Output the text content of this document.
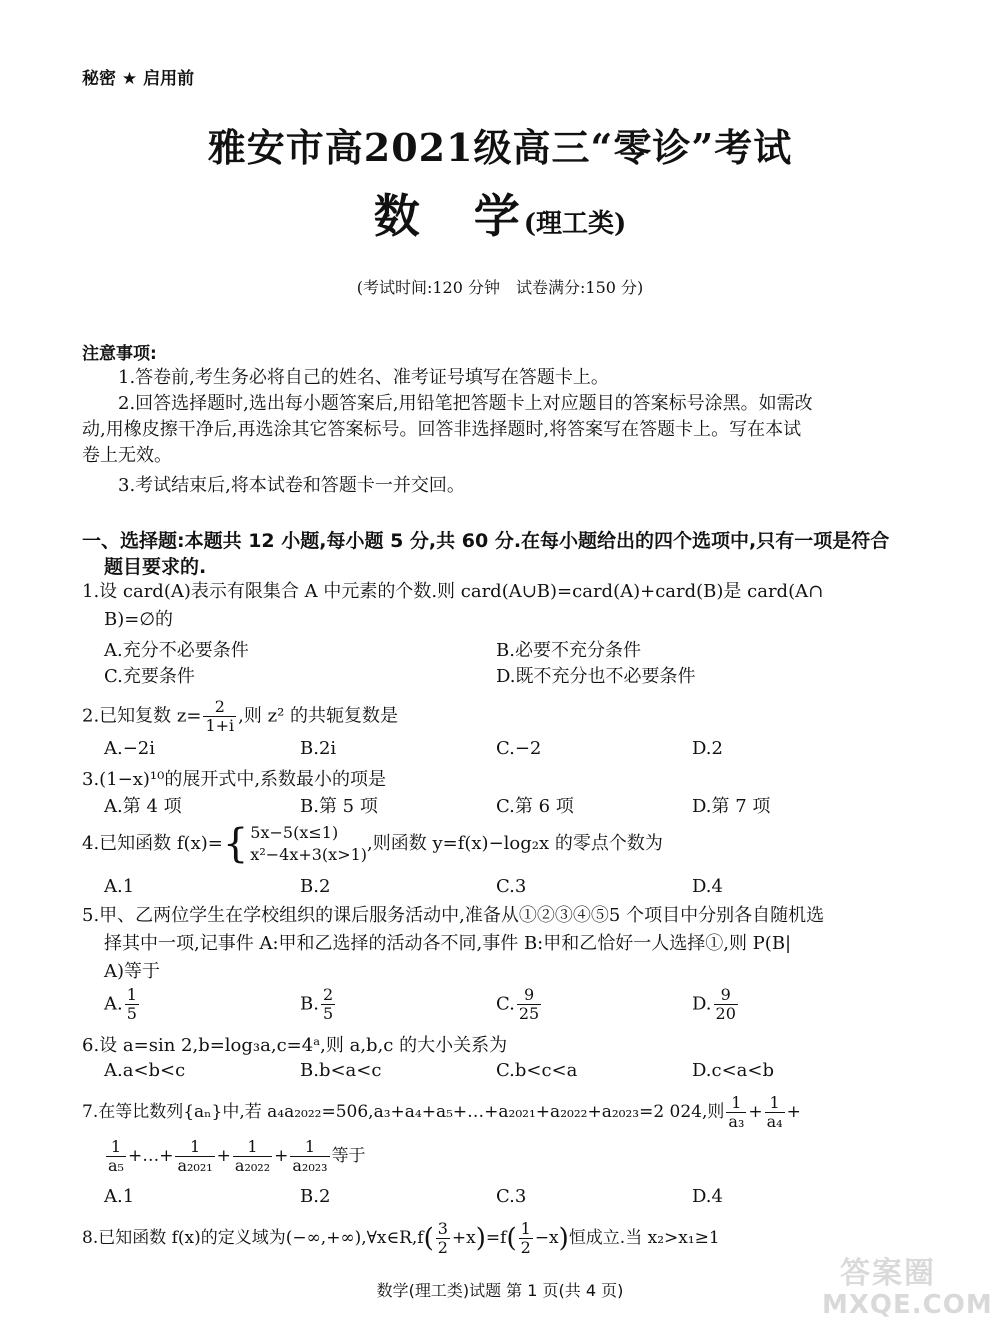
秘密 ★ 启用前
雅安市高2021级高三“零诊”考试
数　学(理工类)
(考试时间:120 分钟　试卷满分:150 分)
注意事项:
1.答卷前,考生务必将自己的姓名、准考证号填写在答题卡上。
2.回答选择题时,选出每小题答案后,用铅笔把答题卡上对应题目的答案标号涂黑。如需改
动,用橡皮擦干净后,再选涂其它答案标号。回答非选择题时,将答案写在答题卡上。写在本试
卷上无效。
3.考试结束后,将本试卷和答题卡一并交回。
一、选择题:本题共 12 小题,每小题 5 分,共 60 分.在每小题给出的四个选项中,只有一项是符合
题目要求的.
1.设 card(A)表示有限集合 A 中元素的个数.则 card(A∪B)=card(A)+card(B)是 card(A∩
B)=∅的
A.充分不必要条件	B.必要不充分条件
C.充要条件	D.既不充分也不必要条件
2.已知复数 $z= \frac{2}{1+i}$ ,则 z² 的共轭复数是
A.−2i	B.2i	C.−2	D.2
3.(1−x)¹⁰的展开式中,系数最小的项是
A.第 4 项	B.第 5 项	C.第 6 项	D.第 7 项
4.已知函数 f(x)={ 5x−5(x≤1)
x²−4x+3(x>1)
,则函数 y=f(x)−log₂x 的零点个数为
A.1	B.2	C.3	D.4
5.甲、乙两位学生在学校组织的课后服务活动中,准备从①②③④⑤5 个项目中分别各自随机选
择其中一项,记事件 A:甲和乙选择的活动各不同,事件 B:甲和乙恰好一人选择①,则 P(B|
A)等于
A. $\frac{1}{5}$	B. $\frac{2}{5}$	C. $\frac{9}{25}$	D. $\frac{9}{20}$
6.设 a=sin 2,b=log₃a,c=4ᵃ,则 a,b,c 的大小关系为
A.a<b<c	B.b<a<c	C.b<c<a	D.c<a<b
7.在等比数列{aₙ}中,若 a₄a₂₀₂₂=506,a₃+a₄+a₅+…+a₂₀₂₁+a₂₀₂₂+a₂₀₂₃=2 024,则 $\frac{1}{\text{a₃}} + \frac{1}{\text{a₄}}$ +
$\frac{1}{\text{a₅}}$ +…+ $\frac{1}{\text{a₂₀₂₁}} + \frac{1}{\text{a₂₀₂₂}} + \frac{1}{\text{a₂₀₂₃}}$ 等于
A.1	B.2	C.3	D.4
8.已知函数 f(x)的定义域为(−∞,+∞),∀x∈R,f( $\frac{3}{2} +x)=f( \frac{1}{2} -x)$恒成立.当 x₂>x₁≥1
数学(理工类)试题 第 1 页(共 4 页)	答案圈
MXQE.COM
